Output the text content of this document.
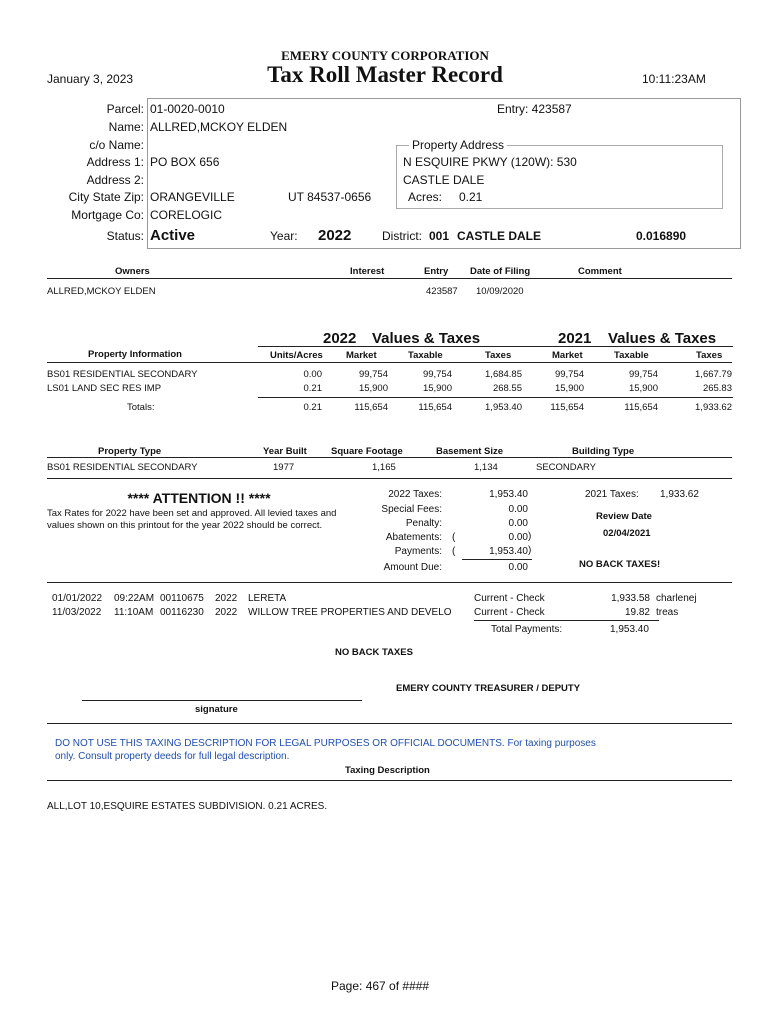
EMERY COUNTY CORPORATION
Tax Roll Master Record
January 3, 2023	10:11:23AM
Parcel: 01-0020-0010	Entry: 423587
Name: ALLRED,MCKOY ELDEN
c/o Name:
Address 1: PO BOX 656
Address 2:
City State Zip: ORANGEVILLE	UT 84537-0656
Mortgage Co: CORELOGIC
Property Address
N ESQUIRE PKWY (120W): 530
CASTLE DALE
Acres: 0.21
Status: Active	Year: 2022	District: 001 CASTLE DALE	0.016890
Owners	Interest	Entry Date of Filing	Comment
ALLRED,MCKOY ELDEN	423587 10/09/2020
2022 Values & Taxes	2021 Values & Taxes
Property Information	Units/Acres Market	Taxable	Taxes	Market	Taxable	Taxes
BS01 RESIDENTIAL SECONDARY	0.00	99,754	99,754	1,684.85	99,754	99,754	1,667.79
LS01 LAND SEC RES IMP	0.21	15,900	15,900	268.55	15,900	15,900	265.83
Totals:	0.21	115,654	115,654	1,953.40	115,654	115,654	1,933.62
Property Type	Year Built	Square Footage	Basement Size	Building Type
BS01 RESIDENTIAL SECONDARY	1977	1,165	1,134	SECONDARY
**** ATTENTION !! ****
Tax Rates for 2022 have been set and approved. All levied taxes and
values shown on this printout for the year 2022 should be correct.
2022 Taxes:	1,953.40
Special Fees:	0.00
Penalty:	0.00
Abatements: (	0.00 )
Payments: (	1,953.40 )
Amount Due:	0.00
2021 Taxes: 1,933.62
Review Date
02/04/2021
NO BACK TAXES!
01/01/2022 09:22AM 00110675 2022 LERETA	Current - Check	1,933.58 charlenej
11/03/2022 11:10AM 00116230 2022 WILLOW TREE PROPERTIES AND DEVELO Current - Check	19.82 treas
Total Payments:	1,953.40
NO BACK TAXES
EMERY COUNTY TREASURER / DEPUTY
signature
DO NOT USE THIS TAXING DESCRIPTION FOR LEGAL PURPOSES OR OFFICIAL DOCUMENTS. For taxing purposes
only. Consult property deeds for full legal description.
Taxing Description
ALL,LOT 10,ESQUIRE ESTATES SUBDIVISION. 0.21 ACRES.
Page: 467 of ####
